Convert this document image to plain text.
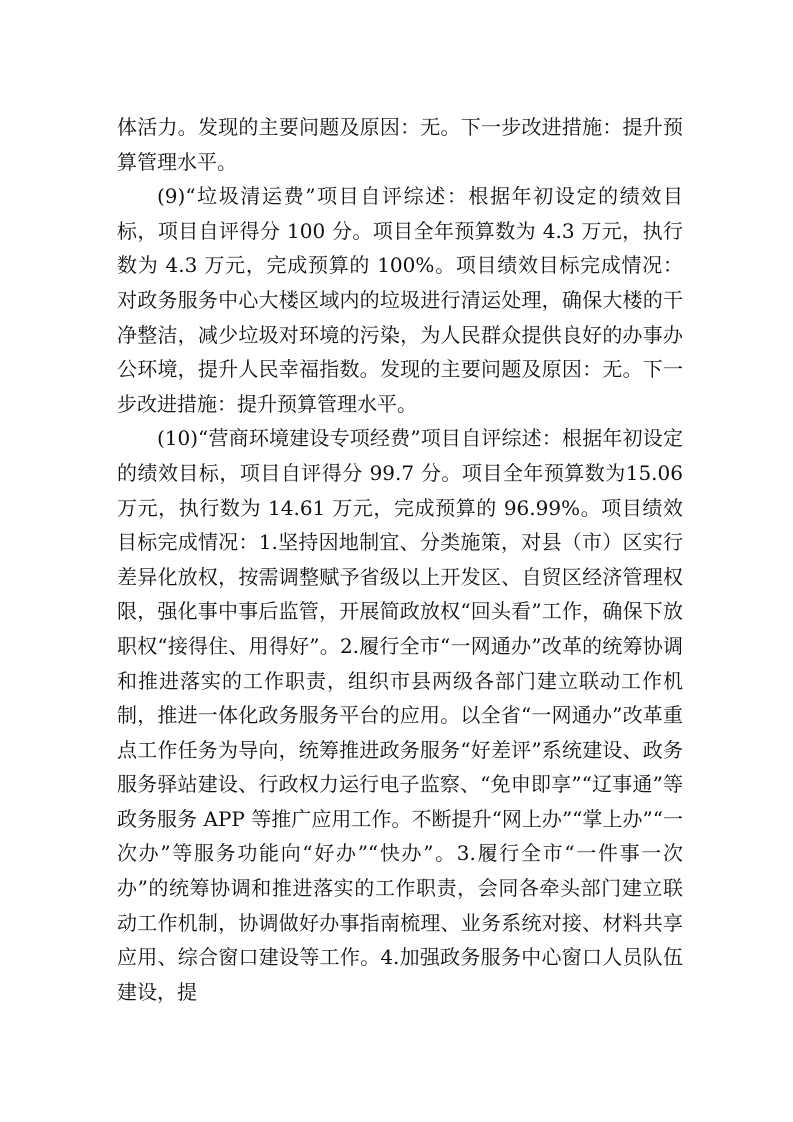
体活力。发现的主要问题及原因：无。下一步改进措施：提升预算管理水平。

(9)“垃圾清运费”项目自评综述：根据年初设定的绩效目标，项目自评得分 100 分。项目全年预算数为 4.3 万元，执行数为 4.3 万元，完成预算的 100%。项目绩效目标完成情况：对政务服务中心大楼区域内的垃圾进行清运处理，确保大楼的干净整洁，减少垃圾对环境的污染，为人民群众提供良好的办事办公环境，提升人民幸福指数。发现的主要问题及原因：无。下一步改进措施：提升预算管理水平。

(10)“营商环境建设专项经费”项目自评综述：根据年初设定的绩效目标，项目自评得分 99.7 分。项目全年预算数为15.06 万元，执行数为 14.61 万元，完成预算的 96.99%。项目绩效目标完成情况：1.坚持因地制宜、分类施策，对县（市）区实行差异化放权，按需调整赋予省级以上开发区、自贸区经济管理权限，强化事中事后监管，开展简政放权“回头看”工作，确保下放职权“接得住、用得好”。2.履行全市“一网通办”改革的统筹协调和推进落实的工作职责，组织市县两级各部门建立联动工作机制，推进一体化政务服务平台的应用。以全省“一网通办”改革重点工作任务为导向，统筹推进政务服务“好差评”系统建设、政务服务驿站建设、行政权力运行电子监察、“免申即享”“辽事通”等政务服务 APP 等推广应用工作。不断提升“网上办”“掌上办”“一次办”等服务功能向“好办”“快办”。3.履行全市“一件事一次办”的统筹协调和推进落实的工作职责，会同各牵头部门建立联动工作机制，协调做好办事指南梳理、业务系统对接、材料共享应用、综合窗口建设等工作。4.加强政务服务中心窗口人员队伍建设，提
